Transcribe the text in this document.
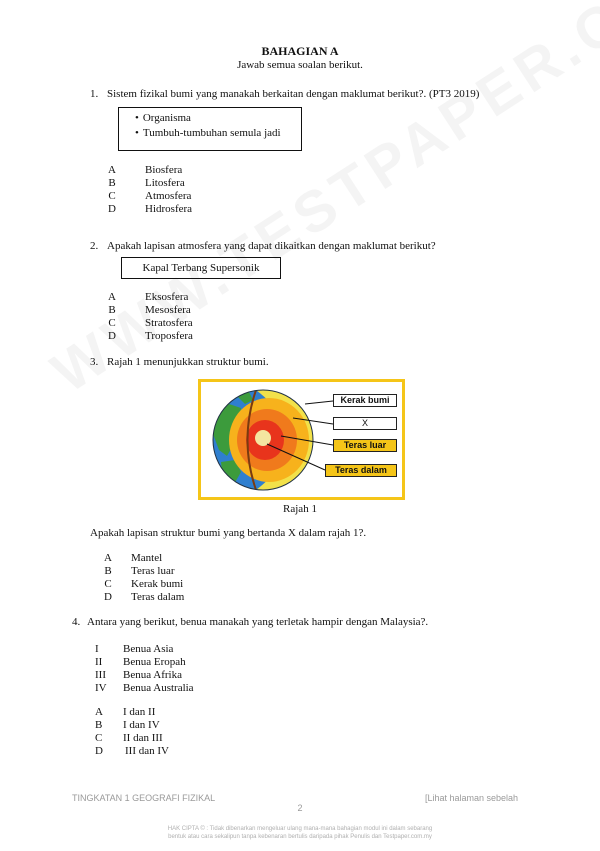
BAHAGIAN A
Jawab semua soalan berikut.
1. Sistem fizikal bumi yang manakah berkaitan dengan maklumat berikut?. (PT3 2019)
• Organisma
• Tumbuh-tumbuhan semula jadi
A	Biosfera
B	Litosfera
C	Atmosfera
D	Hidrosfera
2. Apakah lapisan atmosfera yang dapat dikaitkan dengan maklumat berikut?
Kapal Terbang Supersonik
A	Eksosfera
B	Mesosfera
C	Stratosfera
D	Troposfera
3. Rajah 1 menunjukkan struktur bumi.
Kerak bumi
X
Teras luar
Teras dalam
Rajah 1
Apakah lapisan struktur bumi yang bertanda X dalam rajah 1?.
A Mantel
B Teras luar
C Kerak bumi
D Teras dalam
4. Antara yang berikut, benua manakah yang terletak hampir dengan Malaysia?.
I Benua Asia
II Benua Eropah
III Benua Afrika
IV Benua Australia
A I dan II
B I dan IV
C II dan III
D III dan IV
TINGKATAN 1 GEOGRAFI FIZIKAL	[Lihat halaman sebelah
2
HAK CIPTA © : Tidak dibenarkan mengeluar ulang mana-mana bahagian modul ini dalam sebarang
bentuk atau cara sekalipun tanpa kebenaran bertulis daripada pihak Penulis dan Testpaper.com.my
